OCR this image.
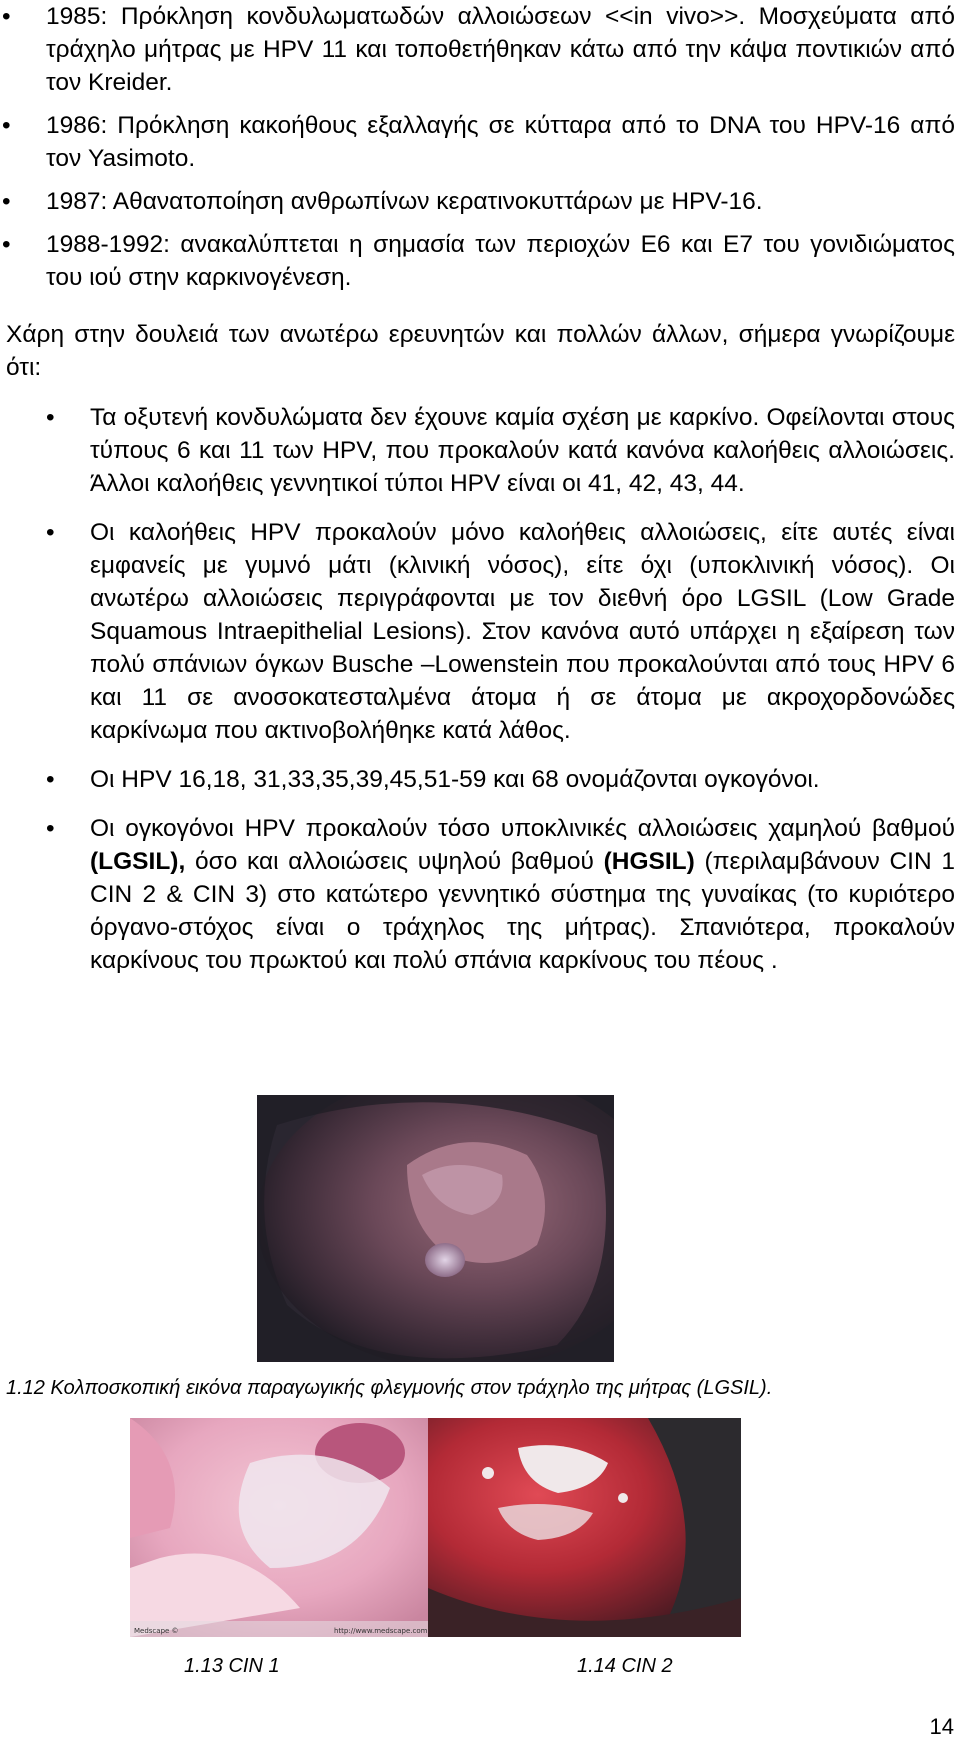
• 1985: Πρόκληση κονδυλωματωδών αλλοιώσεων <<in vivo>>. Μοσχεύματα από τράχηλο μήτρας με HPV 11 και τοποθετήθηκαν κάτω από την κάψα ποντικιών από τον Kreider.
• 1986: Πρόκληση κακοήθους εξαλλαγής σε κύτταρα από το DNA του HPV-16 από τον Yasimoto.
• 1987: Αθανατοποίηση ανθρωπίνων κερατινοκυττάρων με HPV-16.
• 1988-1992: ανακαλύπτεται η σημασία των περιοχών Ε6 και Ε7 του γονιδιώματος του ιού στην καρκινογένεση.
Χάρη στην δουλειά των ανωτέρω ερευνητών και πολλών άλλων, σήμερα γνωρίζουμε ότι:
• Τα οξυτενή κονδυλώματα δεν έχουνε καμία σχέση με καρκίνο. Οφείλονται στους τύπους 6 και 11 των HPV, που προκαλούν κατά κανόνα καλοήθεις αλλοιώσεις. Άλλοι καλοήθεις γεννητικοί τύποι HPV είναι οι 41, 42, 43, 44.
• Οι καλοήθεις HPV προκαλούν μόνο καλοήθεις αλλοιώσεις, είτε αυτές είναι εμφανείς με γυμνό μάτι (κλινική νόσος), είτε όχι (υποκλινική νόσος). Οι ανωτέρω αλλοιώσεις περιγράφονται με τον διεθνή όρο LGSIL (Low Grade Squamous Intraepithelial Lesions). Στον κανόνα αυτό υπάρχει η εξαίρεση των πολύ σπάνιων όγκων Busche –Lowenstein που προκαλούνται από τους HPV 6 και 11 σε ανοσοκατεσταλμένα άτομα ή σε άτομα με ακροχορδονώδες καρκίνωμα που ακτινοβολήθηκε κατά λάθος.
• Οι HPV 16,18, 31,33,35,39,45,51-59 και 68 ονομάζονται ογκογόνοι.
• Οι ογκογόνοι HPV προκαλούν τόσο υποκλινικές αλλοιώσεις χαμηλού βαθμού (LGSIL), όσο και αλλοιώσεις υψηλού βαθμού (HGSIL) (περιλαμβάνουν CIN 1 CIN 2 & CIN 3) στο κατώτερο γεννητικό σύστημα της γυναίκας (το κυριότερο όργανο-στόχος είναι ο τράχηλος της μήτρας). Σπανιότερα, προκαλούν καρκίνους του πρωκτού και πολύ σπάνια καρκίνους του πέους .
1.12 Κολποσκοπική εικόνα παραγωγικής φλεγμονής στον τράχηλο της μήτρας (LGSIL).
Medscape ©	http://www.medscape.com
1.13 CIN 1	1.14 CIN 2
14
